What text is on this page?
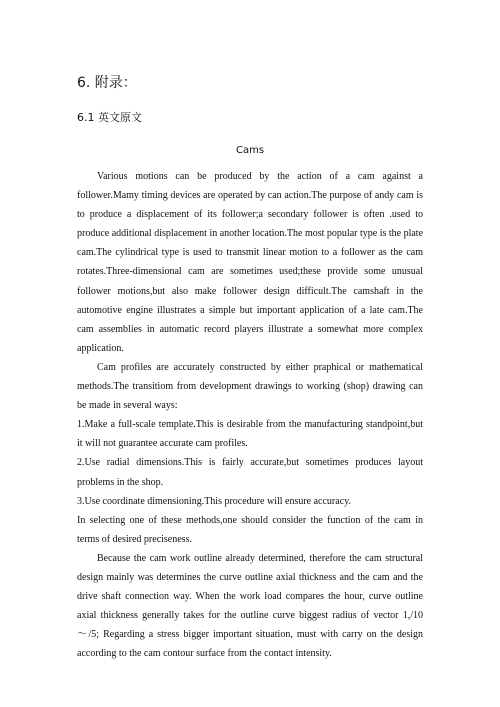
6. 附录：
6.1 英文原文
Cams

Various motions can be produced by the action of a cam against a follower.Mamy timing devices are operated by can action.The purpose of andy cam is to produce a displacement of its follower;a secondary follower is often .used to produce additional displacement in another location.The most popular type is the plate cam.The cylindrical type is used to transmit linear motion to a follower as the cam rotates.Three-dimensional cam are sometimes used;these provide some unusual follower motions,but also make follower design difficult.The camshaft in the automotive engine illustrates a simple but important application of a late cam.The cam assemblies in automatic record players illustrate a somewhat more complex application.

Cam profiles are accurately constructed by either praphical or mathematical methods.The transitiom from development drawings to working (shop) drawing can be made in several ways:

1.Make a full-scale template.This is desirable from the manufacturing standpoint,but it will not guarantee accurate cam profiles.

2.Use radial dimensions.This is fairly accurate,but sometimes produces layout problems in the shop.

3.Use coordinate dimensioning.This procedure will ensure accuracy.

In selecting one of these methods,one should consider the function of the cam in terms of desired preciseness.

Because the cam work outline already determined, therefore the cam structural design mainly was determines the curve outline axial thickness and the cam and the drive shaft connection way. When the work load compares the hour, curve outline axial thickness generally takes for the outline curve biggest radius of vector 1,/10 ～/5; Regarding a stress bigger important situation, must with carry on the design according to the cam contour surface from the contact intensity.
